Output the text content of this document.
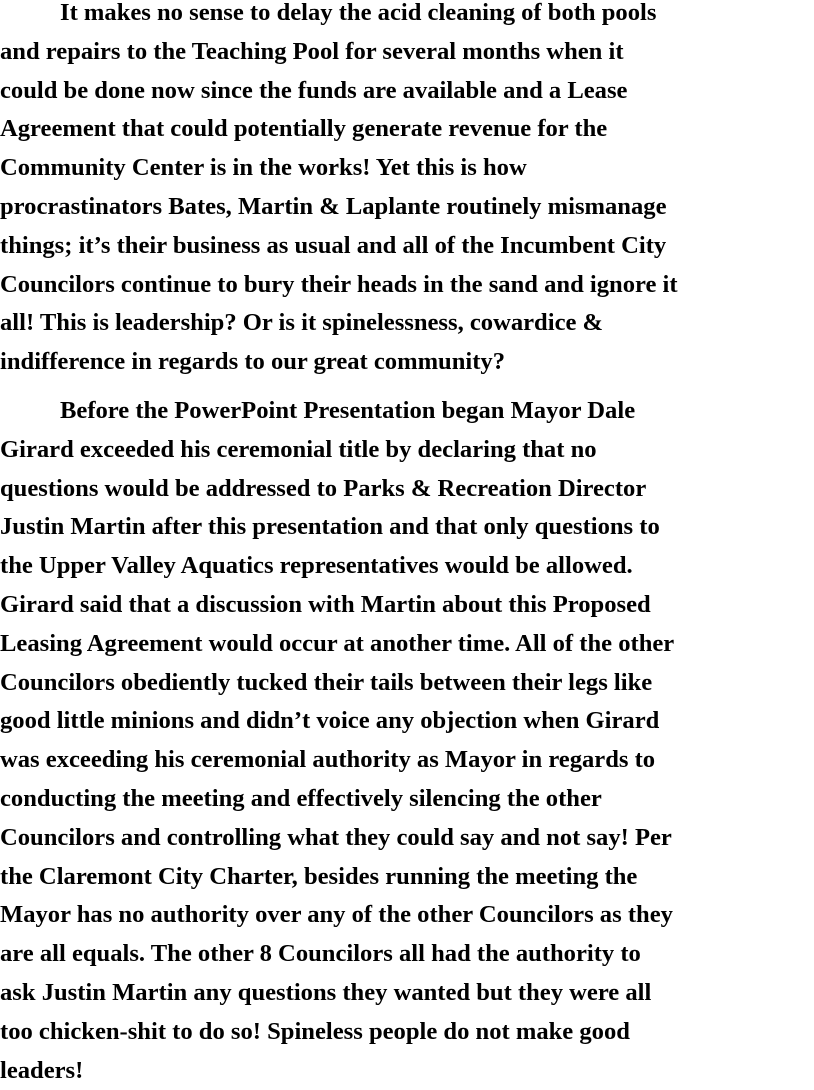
It makes no sense to delay the acid cleaning of both pools
and repairs to the Teaching Pool for several months when it
could be done now since the funds are available and a Lease
Agreement that could potentially generate revenue for the
Community Center is in the works! Yet this is how
procrastinators Bates, Martin & Laplante routinely mismanage
things; it’s their business as usual and all of the Incumbent City
Councilors continue to bury their heads in the sand and ignore it
all! This is leadership? Or is it spinelessness, cowardice &
indifference in regards to our great community?

Before the PowerPoint Presentation began Mayor Dale
Girard exceeded his ceremonial title by declaring that no
questions would be addressed to Parks & Recreation Director
Justin Martin after this presentation and that only questions to
the Upper Valley Aquatics representatives would be allowed.
Girard said that a discussion with Martin about this Proposed
Leasing Agreement would occur at another time. All of the other
Councilors obediently tucked their tails between their legs like
good little minions and didn’t voice any objection when Girard
was exceeding his ceremonial authority as Mayor in regards to
conducting the meeting and effectively silencing the other
Councilors and controlling what they could say and not say! Per
the Claremont City Charter, besides running the meeting the
Mayor has no authority over any of the other Councilors as they
are all equals. The other 8 Councilors all had the authority to
ask Justin Martin any questions they wanted but they were all
too chicken-shit to do so! Spineless people do not make good
leaders!
